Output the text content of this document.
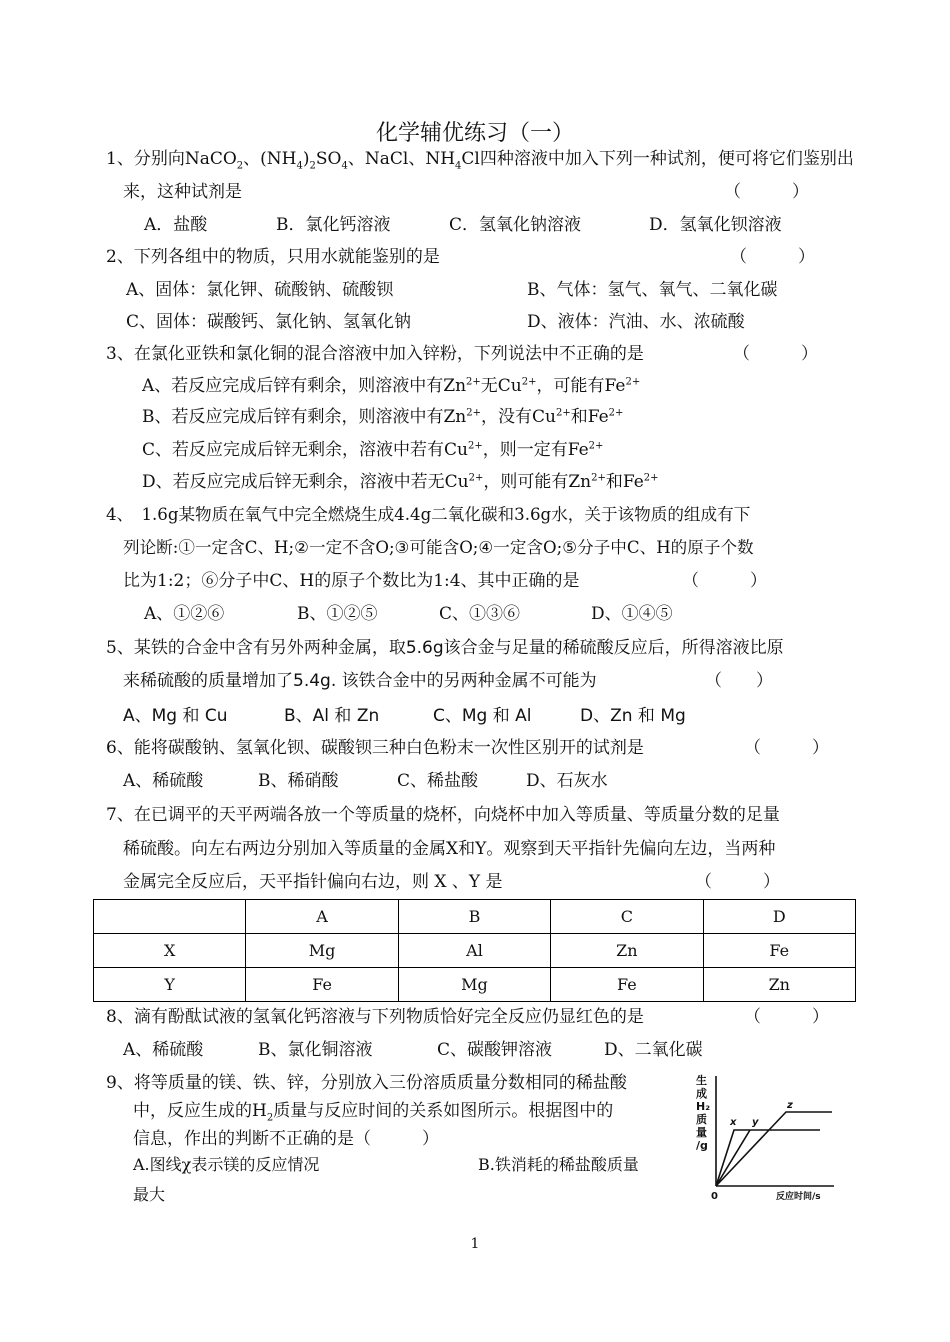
化学辅优练习（一）
1、分别向NaCO$_2$、$(NH_4)_2SO_4$、NaCl、$NH_4Cl$四种溶液中加入下列一种试剂，便可将它们鉴别出
来，这种试剂是	（　　　）
A．盐酸	B．氯化钙溶液	C．氢氧化钠溶液	D．氢氧化钡溶液
2、下列各组中的物质，只用水就能鉴别的是	（　　　）
A、固体：氯化钾、硫酸钠、硫酸钡	B、气体：氢气、氧气、二氧化碳
C、固体：碳酸钙、氯化钠、氢氧化钠	D、液体：汽油、水、浓硫酸
3、在氯化亚铁和氯化铜的混合溶液中加入锌粉，下列说法中不正确的是	（　　　）
A、若反应完成后锌有剩余，则溶液中有$Zn^{2+}$无$Cu^{2+}$，可能有$Fe^{2+}$
B、若反应完成后锌有剩余，则溶液中有$Zn^{2+}$，没有$Cu^{2+}$和$Fe^{2+}$
C、若反应完成后锌无剩余，溶液中若有$Cu^{2+}$，则一定有$Fe^{2+}$
D、若反应完成后锌无剩余，溶液中若无$Cu^{2+}$，则可能有$Zn^{2+}$和$Fe^{2+}$
4、　1.6g某物质在氧气中完全燃烧生成4.4g二氧化碳和3.6g水，关于该物质的组成有下
列论断:①一定含C、H;②一定不含O;③可能含O;④一定含O;⑤分子中C、H的原子个数
比为1:2；⑥分子中C、H的原子个数比为1:4、其中正确的是	（　　　）
A、①②⑥	B、①②⑤	C、①③⑥	D、①④⑤
5、某铁的合金中含有另外两种金属，取5.6g该合金与足量的稀硫酸反应后，所得溶液比原
来稀硫酸的质量增加了5.4g. 该铁合金中的另两种金属不可能为	（　　）
A、Mg 和 Cu	B、Al 和 Zn	C、Mg 和 Al	D、Zn 和 Mg
6、能将碳酸钠、氢氧化钡、碳酸钡三种白色粉末一次性区别开的试剂是	（　　　）
A、稀硫酸	B、稀硝酸	C、稀盐酸	D、石灰水
7、在已调平的天平两端各放一个等质量的烧杯，向烧杯中加入等质量、等质量分数的足量
稀硫酸。向左右两边分别加入等质量的金属X和Y。观察到天平指针先偏向左边，当两种
金属完全反应后，天平指针偏向右边，则 X 、Y 是	（　　　）
	A	B	C	D
X	Mg	Al	Zn	Fe
Y	Fe	Mg	Fe	Zn
8、滴有酚酞试液的氢氧化钙溶液与下列物质恰好完全反应仍显红色的是	（　　　）
A、稀硫酸	B、氯化铜溶液	C、碳酸钾溶液	D、二氧化碳
9、将等质量的镁、铁、锌，分别放入三份溶质质量分数相同的稀盐酸
中，反应生成的$H_2$质量与反应时间的关系如图所示。根据图中的
信息，作出的判断不正确的是（　　　）
A.图线χ表示镁的反应情况	B.铁消耗的稀盐酸质量
最大
生
成
H₂
质
量
/g
x y
z
0	反应时间/s
1
